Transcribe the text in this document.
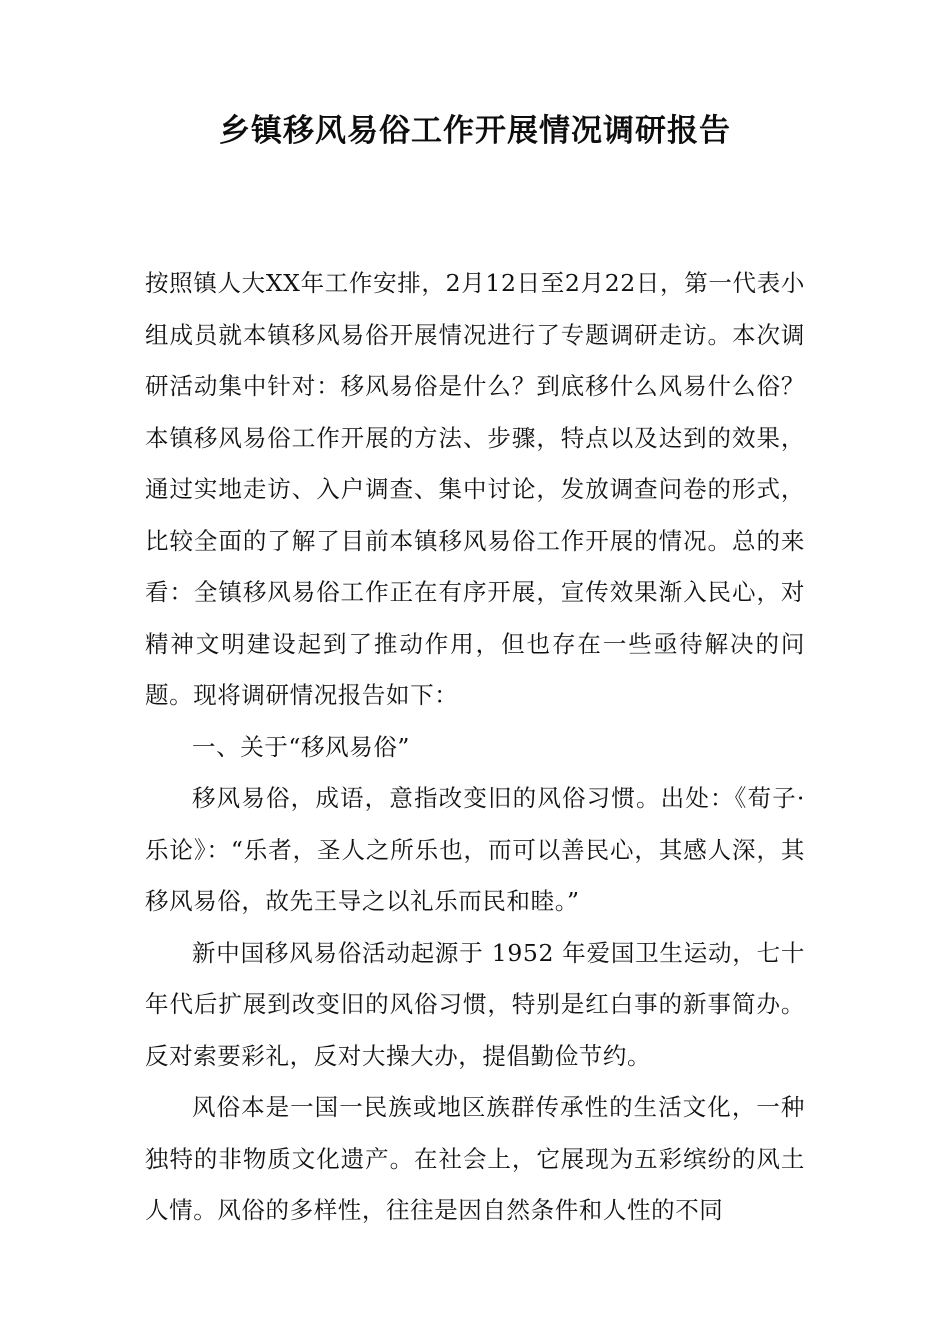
乡镇移风易俗工作开展情况调研报告

按照镇人大XX年工作安排，2月12日至2月22日，第一代表小组成员就本镇移风易俗开展情况进行了专题调研走访。本次调研活动集中针对：移风易俗是什么？到底移什么风易什么俗？本镇移风易俗工作开展的方法、步骤，特点以及达到的效果，通过实地走访、入户调查、集中讨论，发放调查问卷的形式，比较全面的了解了目前本镇移风易俗工作开展的情况。总的来看：全镇移风易俗工作正在有序开展，宣传效果渐入民心，对精神文明建设起到了推动作用，但也存在一些亟待解决的问题。现将调研情况报告如下：

一、关于“移风易俗”

移风易俗，成语，意指改变旧的风俗习惯。出处：《荀子·乐论》：“乐者，圣人之所乐也，而可以善民心，其感人深，其移风易俗，故先王导之以礼乐而民和睦。”

新中国移风易俗活动起源于 1952 年爱国卫生运动，七十年代后扩展到改变旧的风俗习惯，特别是红白事的新事简办。反对索要彩礼，反对大操大办，提倡勤俭节约。

风俗本是一国一民族或地区族群传承性的生活文化，一种独特的非物质文化遗产。在社会上，它展现为五彩缤纷的风土人情。风俗的多样性，往往是因自然条件和人性的不同
